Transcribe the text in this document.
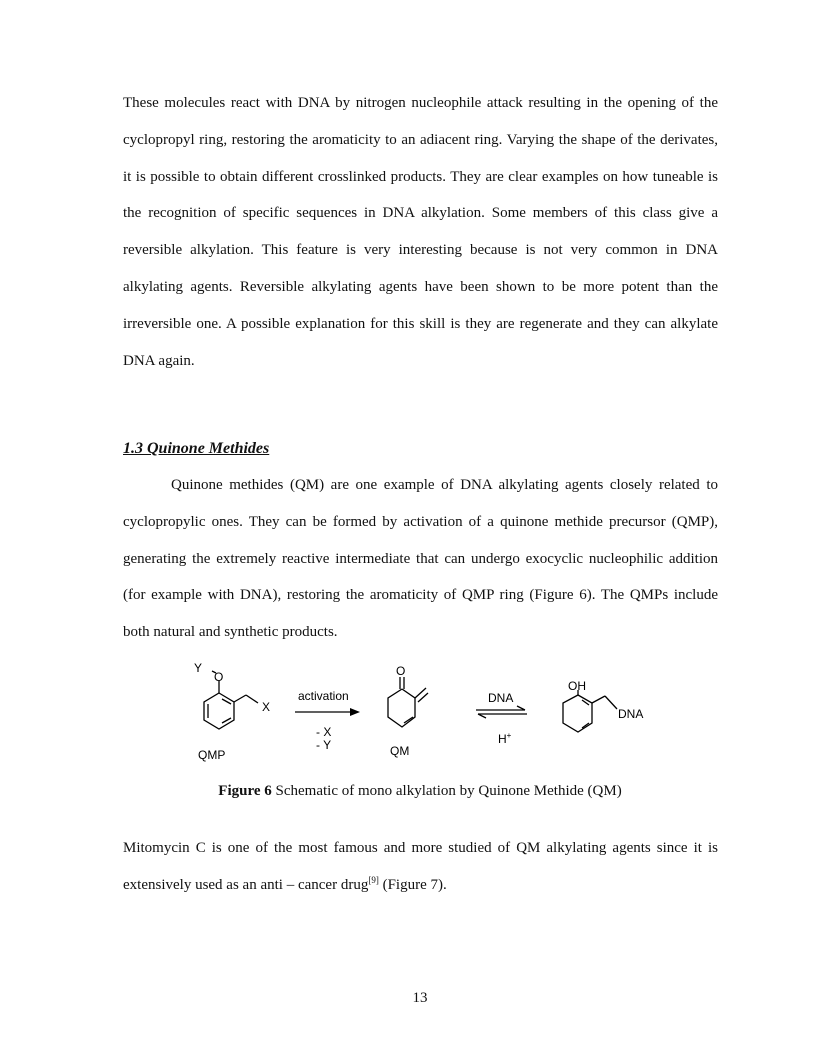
These molecules react with DNA by nitrogen nucleophile attack resulting in the opening of the cyclopropyl ring, restoring the aromaticity to an adiacent ring. Varying the shape of the derivates, it is possible to obtain different crosslinked products. They are clear examples on how tuneable is the recognition of specific sequences in DNA alkylation. Some members of this class give a reversible alkylation. This feature is very interesting because is not very common in DNA alkylating agents. Reversible alkylating agents have been shown to be more potent than the irreversible one. A possible explanation for this skill is they are regenerate and they can alkylate DNA again.

1.3 Quinone Methides

Quinone methides (QM) are one example of DNA alkylating agents closely related to cyclopropylic ones. They can be formed by activation of a quinone methide precursor (QMP), generating the extremely reactive intermediate that can undergo exocyclic nucleophilic addition (for example with DNA), restoring the aromaticity of QMP ring (Figure 6). The QMPs include both natural and synthetic products.

Y
O
X
QMP
activation
- X
- Y
O
QM
DNA
H+
OH
DNA

Figure 6 Schematic of mono alkylation by Quinone Methide (QM)

Mitomycin C is one of the most famous and more studied of QM alkylating agents since it is extensively used as an anti – cancer drug[9] (Figure 7).

13
